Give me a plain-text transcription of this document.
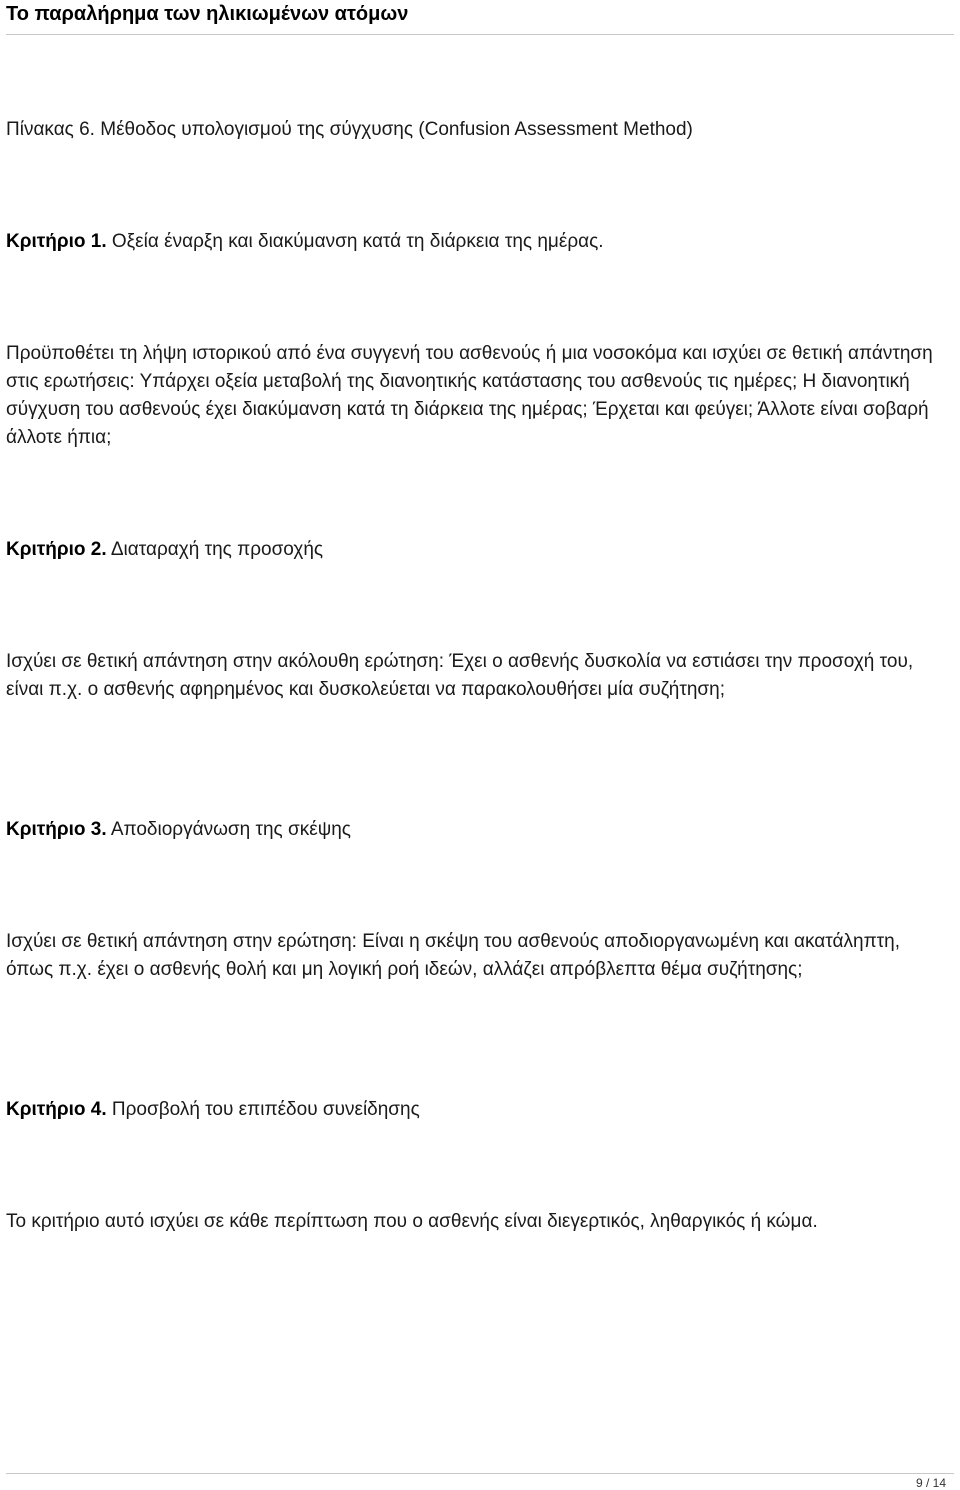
Το παραλήρημα των ηλικιωμένων ατόμων

Πίνακας 6. Μέθοδος υπολογισμού της σύγχυσης (Confusion Assessment Method)

Κριτήριο 1. Οξεία έναρξη και διακύμανση κατά τη διάρκεια της ημέρας.

Προϋποθέτει τη λήψη ιστορικού από ένα συγγενή του ασθενούς ή μια νοσοκόμα και ισχύει σε θετική απάντηση στις ερωτήσεις: Υπάρχει οξεία μεταβολή της διανοητικής κατάστασης του ασθενούς τις ημέρες; Η διανοητική σύγχυση του ασθενούς έχει διακύμανση κατά τη διάρκεια της ημέρας; Έρχεται και φεύγει; Άλλοτε είναι σοβαρή άλλοτε ήπια;

Κριτήριο 2. Διαταραχή της προσοχής

Ισχύει σε θετική απάντηση στην ακόλουθη ερώτηση: Έχει ο ασθενής δυσκολία να εστιάσει την προσοχή του, είναι π.χ. ο ασθενής αφηρημένος και δυσκολεύεται να παρακολουθήσει μία συζήτηση;

Κριτήριο 3. Αποδιοργάνωση της σκέψης

Ισχύει σε θετική απάντηση στην ερώτηση: Είναι η σκέψη του ασθενούς αποδιοργανωμένη και ακατάληπτη, όπως π.χ. έχει ο ασθενής θολή και μη λογική ροή ιδεών, αλλάζει απρόβλεπτα θέμα συζήτησης;

Κριτήριο 4. Προσβολή του επιπέδου συνείδησης

Το κριτήριο αυτό ισχύει σε κάθε περίπτωση που ο ασθενής είναι διεγερτικός, ληθαργικός ή κώμα.

9 / 14
